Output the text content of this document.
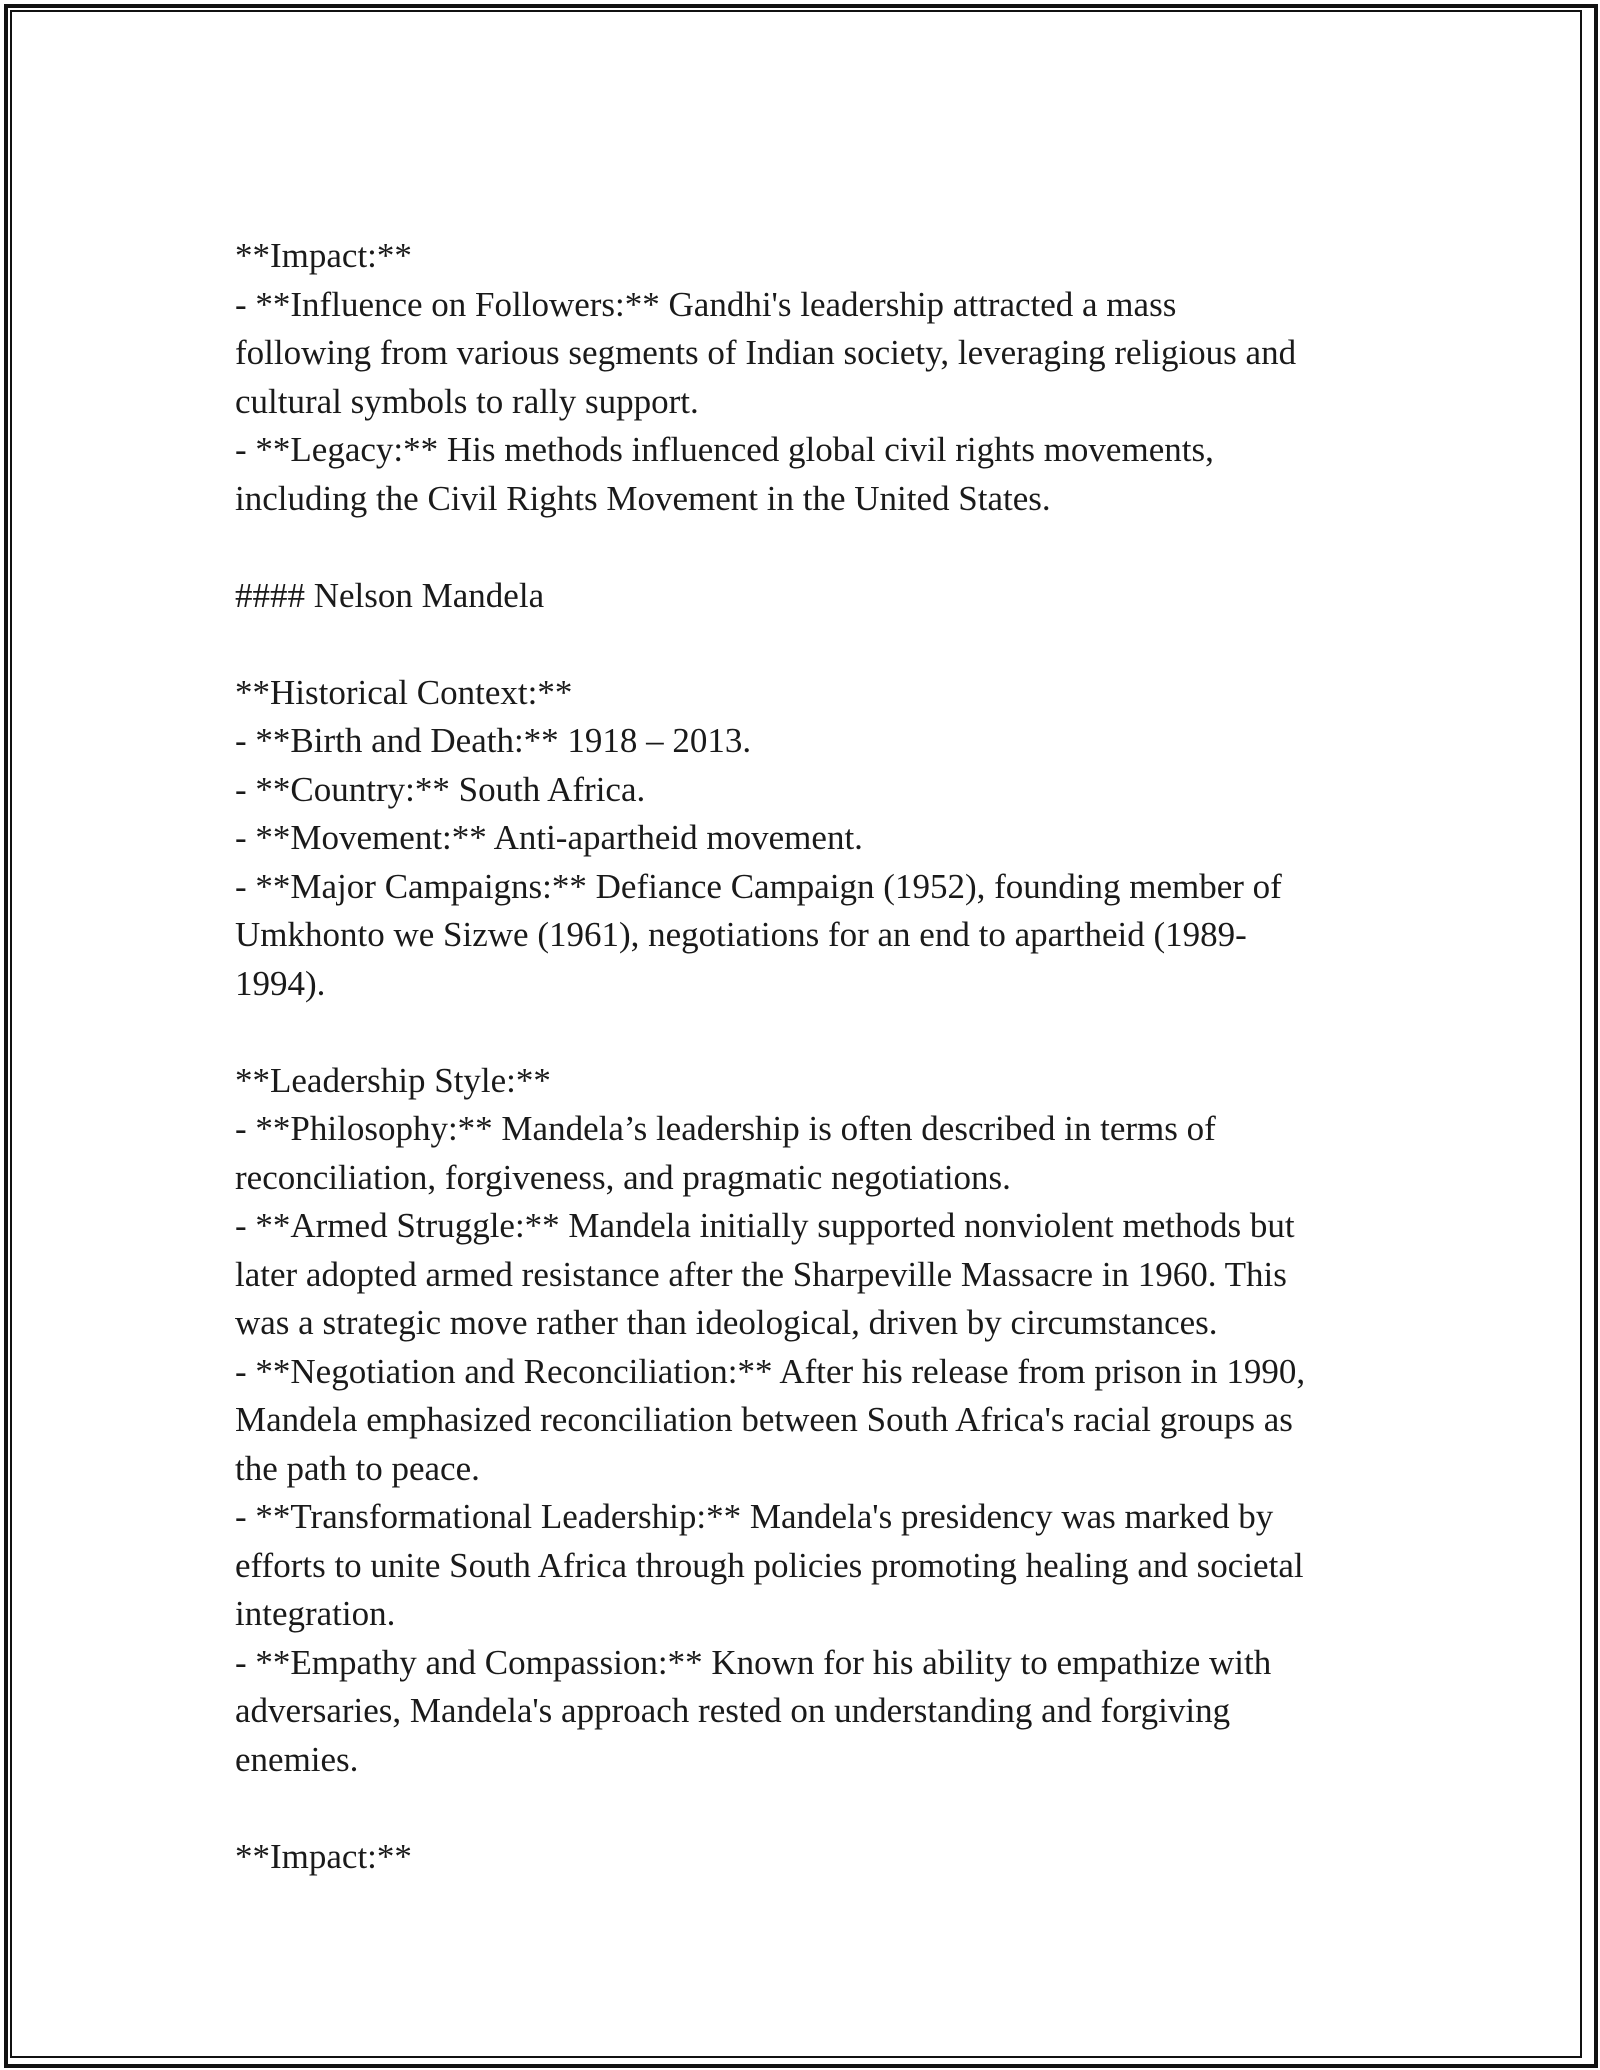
**Impact:**

- **Influence on Followers:** Gandhi's leadership attracted a mass

following from various segments of Indian society, leveraging religious and

cultural symbols to rally support.

- **Legacy:** His methods influenced global civil rights movements,

including the Civil Rights Movement in the United States.

#### Nelson Mandela

**Historical Context:**

- **Birth and Death:** 1918 – 2013.

- **Country:** South Africa.

- **Movement:** Anti-apartheid movement.

- **Major Campaigns:** Defiance Campaign (1952), founding member of

Umkhonto we Sizwe (1961), negotiations for an end to apartheid (1989-

1994).

**Leadership Style:**

- **Philosophy:** Mandela’s leadership is often described in terms of

reconciliation, forgiveness, and pragmatic negotiations.

- **Armed Struggle:** Mandela initially supported nonviolent methods but

later adopted armed resistance after the Sharpeville Massacre in 1960. This

was a strategic move rather than ideological, driven by circumstances.

- **Negotiation and Reconciliation:** After his release from prison in 1990,

Mandela emphasized reconciliation between South Africa's racial groups as

the path to peace.

- **Transformational Leadership:** Mandela's presidency was marked by

efforts to unite South Africa through policies promoting healing and societal

integration.

- **Empathy and Compassion:** Known for his ability to empathize with

adversaries, Mandela's approach rested on understanding and forgiving

enemies.

**Impact:**
